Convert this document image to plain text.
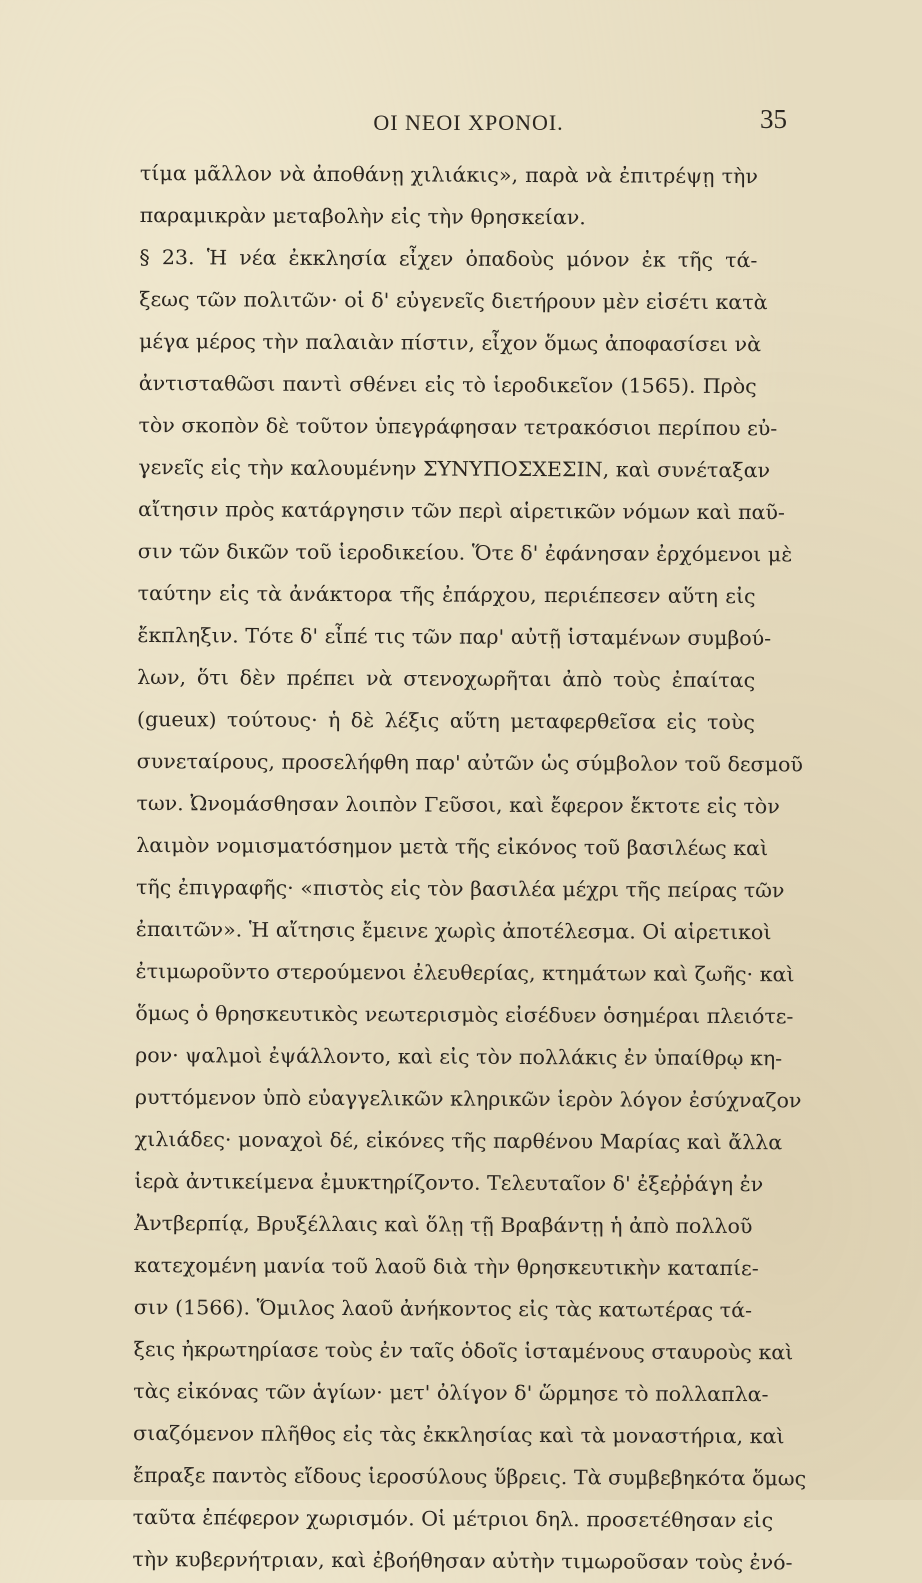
ΟΙ ΝΕΟΙ ΧΡΟΝΟΙ.	35
τίμα μᾶλλον νὰ ἀποθάνῃ χιλιάκις», παρὰ νὰ ἐπιτρέψῃ τὴν
παραμικρὰν μεταβολὴν εἰς τὴν θρησκείαν.
§ 23. Ἡ νέα ἐκκλησία εἶχεν ὀπαδοὺς μόνον ἐκ τῆς τά-
ξεως τῶν πολιτῶν· οἱ δ' εὐγενεῖς διετήρουν μὲν εἰσέτι κατὰ
μέγα μέρος τὴν παλαιὰν πίστιν, εἶχον ὅμως ἀποφασίσει νὰ
ἀντισταθῶσι παντὶ σθένει εἰς τὸ ἱεροδικεῖον (1565). Πρὸς
τὸν σκοπὸν δὲ τοῦτον ὑπεγράφησαν τετρακόσιοι περίπου εὐ-
γενεῖς εἰς τὴν καλουμένην ΣΥΝΥΠΟΣΧΕΣΙΝ, καὶ συνέταξαν
αἴτησιν πρὸς κατάργησιν τῶν περὶ αἱρετικῶν νόμων καὶ παῦ-
σιν τῶν δικῶν τοῦ ἱεροδικείου. Ὅτε δ' ἐφάνησαν ἐρχόμενοι μὲ
ταύτην εἰς τὰ ἀνάκτορα τῆς ἐπάρχου, περιέπεσεν αὕτη εἰς
ἔκπληξιν. Τότε δ' εἶπέ τις τῶν παρ' αὐτῇ ἱσταμένων συμβού-
λων, ὅτι δὲν πρέπει νὰ στενοχωρῆται ἀπὸ τοὺς ἐπαίτας
(gueux) τούτους· ἡ δὲ λέξις αὕτη μεταφερθεῖσα εἰς τοὺς
συνεταίρους, προσελήφθη παρ' αὐτῶν ὡς σύμβολον τοῦ δεσμοῦ
των. Ὠνομάσθησαν λοιπὸν Γεῦσοι, καὶ ἔφερον ἔκτοτε εἰς τὸν
λαιμὸν νομισματόσημον μετὰ τῆς εἰκόνος τοῦ βασιλέως καὶ
τῆς ἐπιγραφῆς· «πιστὸς εἰς τὸν βασιλέα μέχρι τῆς πείρας τῶν
ἐπαιτῶν». Ἡ αἴτησις ἔμεινε χωρὶς ἀποτέλεσμα. Οἱ αἱρετικοὶ
ἐτιμωροῦντο στερούμενοι ἐλευθερίας, κτημάτων καὶ ζωῆς· καὶ
ὅμως ὁ θρησκευτικὸς νεωτερισμὸς εἰσέδυεν ὁσημέραι πλειότε-
ρον· ψαλμοὶ ἐψάλλοντο, καὶ εἰς τὸν πολλάκις ἐν ὑπαίθρῳ κη-
ρυττόμενον ὑπὸ εὐαγγελικῶν κληρικῶν ἱερὸν λόγον ἐσύχναζον
χιλιάδες· μοναχοὶ δέ, εἰκόνες τῆς παρθένου Μαρίας καὶ ἄλλα
ἱερὰ ἀντικείμενα ἐμυκτηρίζοντο. Τελευταῖον δ' ἐξεῤῥάγη ἐν
Ἀντβερπίᾳ, Βρυξέλλαις καὶ ὅλῃ τῇ Βραβάντῃ ἡ ἀπὸ πολλοῦ
κατεχομένη μανία τοῦ λαοῦ διὰ τὴν θρησκευτικὴν καταπίε-
σιν (1566). Ὅμιλος λαοῦ ἀνήκοντος εἰς τὰς κατωτέρας τά-
ξεις ἠκρωτηρίασε τοὺς ἐν ταῖς ὁδοῖς ἱσταμένους σταυροὺς καὶ
τὰς εἰκόνας τῶν ἁγίων· μετ' ὀλίγον δ' ὥρμησε τὸ πολλαπλα-
σιαζόμενον πλῆθος εἰς τὰς ἐκκλησίας καὶ τὰ μοναστήρια, καὶ
ἔπραξε παντὸς εἴδους ἱεροσύλους ὕβρεις. Τὰ συμβεβηκότα ὅμως
ταῦτα ἐπέφερον χωρισμόν. Οἱ μέτριοι δηλ. προσετέθησαν εἰς
τὴν κυβερνήτριαν, καὶ ἐβοήθησαν αὐτὴν τιμωροῦσαν τοὺς ἐνό-
